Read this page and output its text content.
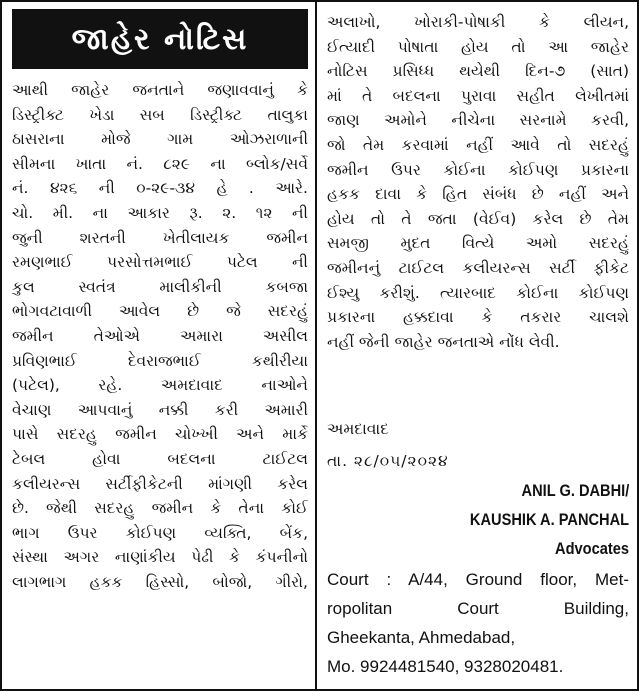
જાહેર નોટિસ
આથી જાહેર જનતાને જણાવવાનું કે
ડિસ્ટ્રીક્ટ ખેડા સબ ડિસ્ટ્રીક્ટ તાલુકા
ઠાસરાના મોજે ગામ ઓઝરાળાની
સીમના ખાતા નં. ૮૨૯ ના બ્લોક/સર્વે
નં. ૪૨૬ ની ૦-૨૯-૩૪ હે . આરે.
ચો. મી. ના આકાર રૂ. ૨. ૧૨ ની
જુની શરતની ખેતીલાયક જમીન
રમણભાઈ પરસોત્તમભાઈ પટેલ ની
કુલ સ્વતંત્ર માલીકીની કબજા
ભોગવટાવાળી આવેલ છે જે સદરહું
જમીન તેઓએ અમારા અસીલ
પ્રવિણભાઈ દેવરાજભાઈ કથીરીયા
(પટેલ), રહે. અમદાવાદ નાઓને
વેચાણ આપવાનું નક્કી કરી અમારી
પાસે સદરહુ જમીન ચોખ્ખી અને માર્કે
ટેબલ હોવા બદલના ટાઈટલ
કલીયરન્સ સર્ટીફીકેટની માંગણી કરેલ
છે. જેથી સદરહુ જમીન કે તેના કોઈ
ભાગ ઉપર કોઈપણ વ્યક્તિ, બેંક,
સંસ્થા અગર નાણાંકીય પેઢી કે કંપનીનો
લાગભાગ હકક હિસ્સો, બોજો, ગીરો,
અલાખો, ખોરાકી-પોષાકી કે લીયન,
ઈત્યાદી પોષાતા હોય તો આ જાહેર
નોટિસ પ્રસિધ્ધ થયેથી દિન-૭ (સાત)
માં તે બદલના પુરાવા સહીત લેખીતમાં
જાણ અમોને નીચેના સરનામે કરવી,
જો તેમ કરવામાં નહીં આવે તો સદરહું
જમીન ઉપર કોઈના કોઈપણ પ્રકારના
હકક દાવા કે હિત સંબંધ છે નહીં અને
હોય તો તે જતા (વેઈવ) કરેલ છે તેમ
સમજી મુદત વિત્યે અમો સદરહું
જમીનનું ટાઈટલ કલીયરન્સ સર્ટી ફીકેટ
ઈશ્યુ કરીશું. ત્યારબાદ કોઈના કોઈપણ
પ્રકારના હક્કદાવા કે તકરાર ચાલશે
નહીં જેની જાહેર જનતાએ નોંધ લેવી.
અમદાવાદ
તા. ૨૮/૦૫/૨૦૨૪
ANIL G. DABHI/
KAUSHIK A. PANCHAL
Advocates
Court : A/44, Ground floor, Met-
ropolitan Court Building,
Gheekanta, Ahmedabad,
Mo. 9924481540, 9328020481.
